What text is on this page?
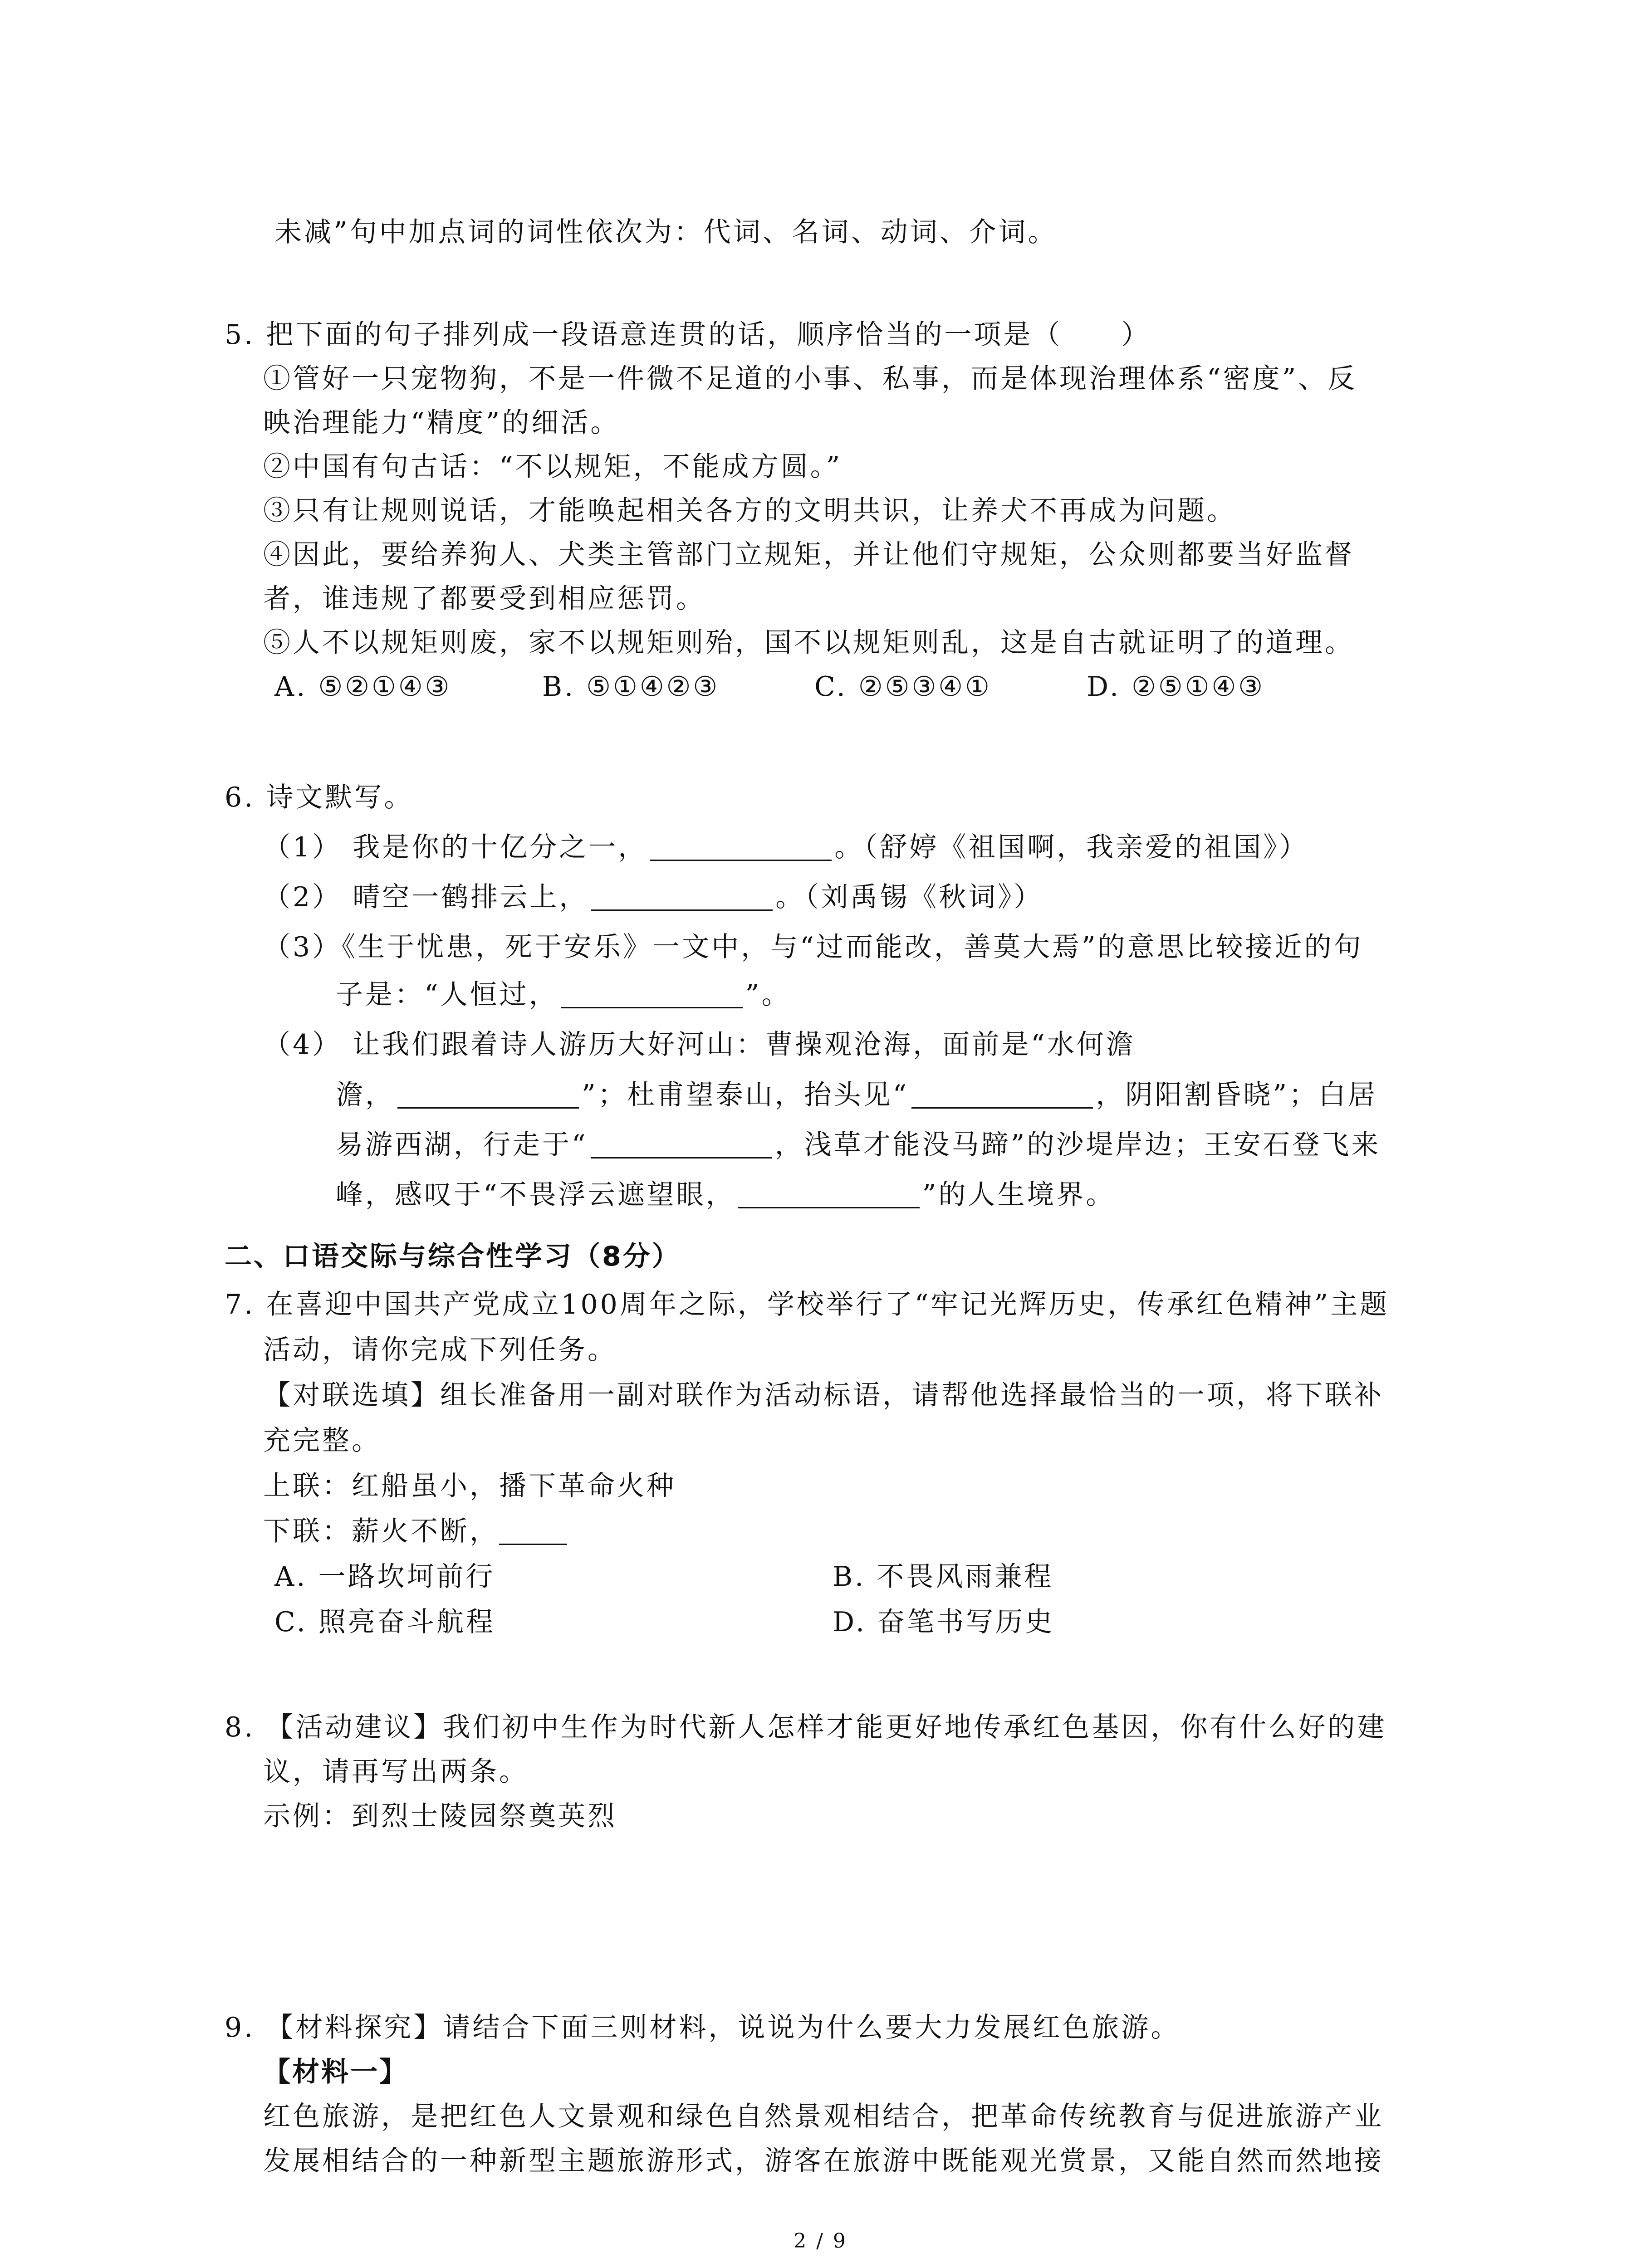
未减”句中加点词的词性依次为：代词、名词、动词、介词。
5. 把下面的句子排列成一段语意连贯的话，顺序恰当的一项是（　　）
①管好一只宠物狗，不是一件微不足道的小事、私事，而是体现治理体系“密度”、反
映治理能力“精度”的细活。
②中国有句古话：“不以规矩，不能成方圆。”
③只有让规则说话，才能唤起相关各方的文明共识，让养犬不再成为问题。
④因此，要给养狗人、犬类主管部门立规矩，并让他们守规矩，公众则都要当好监督
者，谁违规了都要受到相应惩罚。
⑤人不以规矩则废，家不以规矩则殆，国不以规矩则乱，这是自古就证明了的道理。
A. ⑤②①④③	B. ⑤①④②③	C. ②⑤③④①	D. ②⑤①④③
6. 诗文默写。
（1） 我是你的十亿分之一，	。（舒婷《祖国啊，我亲爱的祖国》）
（2） 晴空一鹤排云上，	。（刘禹锡《秋词》）
（3）《生于忧患，死于安乐》一文中，与“过而能改，善莫大焉”的意思比较接近的句
子是：“人恒过，	”。
（4） 让我们跟着诗人游历大好河山：曹操观沧海，面前是“水何澹
澹，	”；杜甫望泰山，抬头见“	，阴阳割昏晓”；白居
易游西湖，行走于“	，浅草才能没马蹄”的沙堤岸边；王安石登飞来
峰，感叹于“不畏浮云遮望眼，	”的人生境界。
二、口语交际与综合性学习（8分）
7. 在喜迎中国共产党成立100周年之际，学校举行了“牢记光辉历史，传承红色精神”主题
活动，请你完成下列任务。
【对联选填】组长准备用一副对联作为活动标语，请帮他选择最恰当的一项，将下联补
充完整。
上联：红船虽小，播下革命火种
下联：薪火不断，
A. 一路坎坷前行	B. 不畏风雨兼程
C. 照亮奋斗航程	D. 奋笔书写历史
8. 【活动建议】我们初中生作为时代新人怎样才能更好地传承红色基因，你有什么好的建
议，请再写出两条。
示例：到烈士陵园祭奠英烈
9. 【材料探究】请结合下面三则材料，说说为什么要大力发展红色旅游。
【材料一】
红色旅游，是把红色人文景观和绿色自然景观相结合，把革命传统教育与促进旅游产业
发展相结合的一种新型主题旅游形式，游客在旅游中既能观光赏景，又能自然而然地接
2 / 9
